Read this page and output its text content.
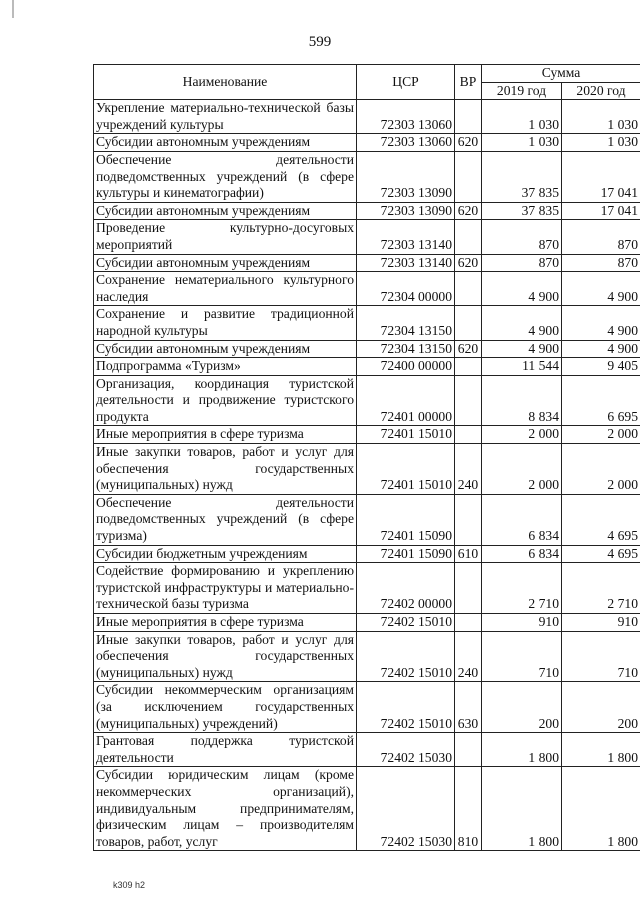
599
Наименование	ЦСР	ВР	Сумма	
			2019 год	2020 год
Укрепление материально-технической базы учреждений культуры	72303 13060		1 030	1 030
Субсидии автономным учреждениям	72303 13060	620	1 030	1 030
Обеспечение деятельности подведомственных учреждений (в сфере культуры и кинематографии)	72303 13090		37 835	17 041
Субсидии автономным учреждениям	72303 13090	620	37 835	17 041
Проведение культурно-досуговых мероприятий	72303 13140		870	870
Субсидии автономным учреждениям	72303 13140	620	870	870
Сохранение нематериального культурного наследия	72304 00000		4 900	4 900
Сохранение и развитие традиционной народной культуры	72304 13150		4 900	4 900
Субсидии автономным учреждениям	72304 13150	620	4 900	4 900
Подпрограмма «Туризм»	72400 00000		11 544	9 405
Организация, координация туристской деятельности и продвижение туристского продукта	72401 00000		8 834	6 695
Иные мероприятия в сфере туризма	72401 15010		2 000	2 000
Иные закупки товаров, работ и услуг для обеспечения государственных (муниципальных) нужд	72401 15010	240	2 000	2 000
Обеспечение деятельности подведомственных учреждений (в сфере туризма)	72401 15090		6 834	4 695
Субсидии бюджетным учреждениям	72401 15090	610	6 834	4 695
Содействие формированию и укреплению туристской инфраструктуры и материально-технической базы туризма	72402 00000		2 710	2 710
Иные мероприятия в сфере туризма	72402 15010		910	910
Иные закупки товаров, работ и услуг для обеспечения государственных (муниципальных) нужд	72402 15010	240	710	710
Субсидии некоммерческим организациям (за исключением государственных (муниципальных) учреждений)	72402 15010	630	200	200
Грантовая поддержка туристской деятельности	72402 15030		1 800	1 800
Субсидии юридическим лицам (кроме некоммерческих организаций), индивидуальным предпринимателям, физическим лицам – производителям товаров, работ, услуг	72402 15030	810	1 800	1 800
k309 h2
